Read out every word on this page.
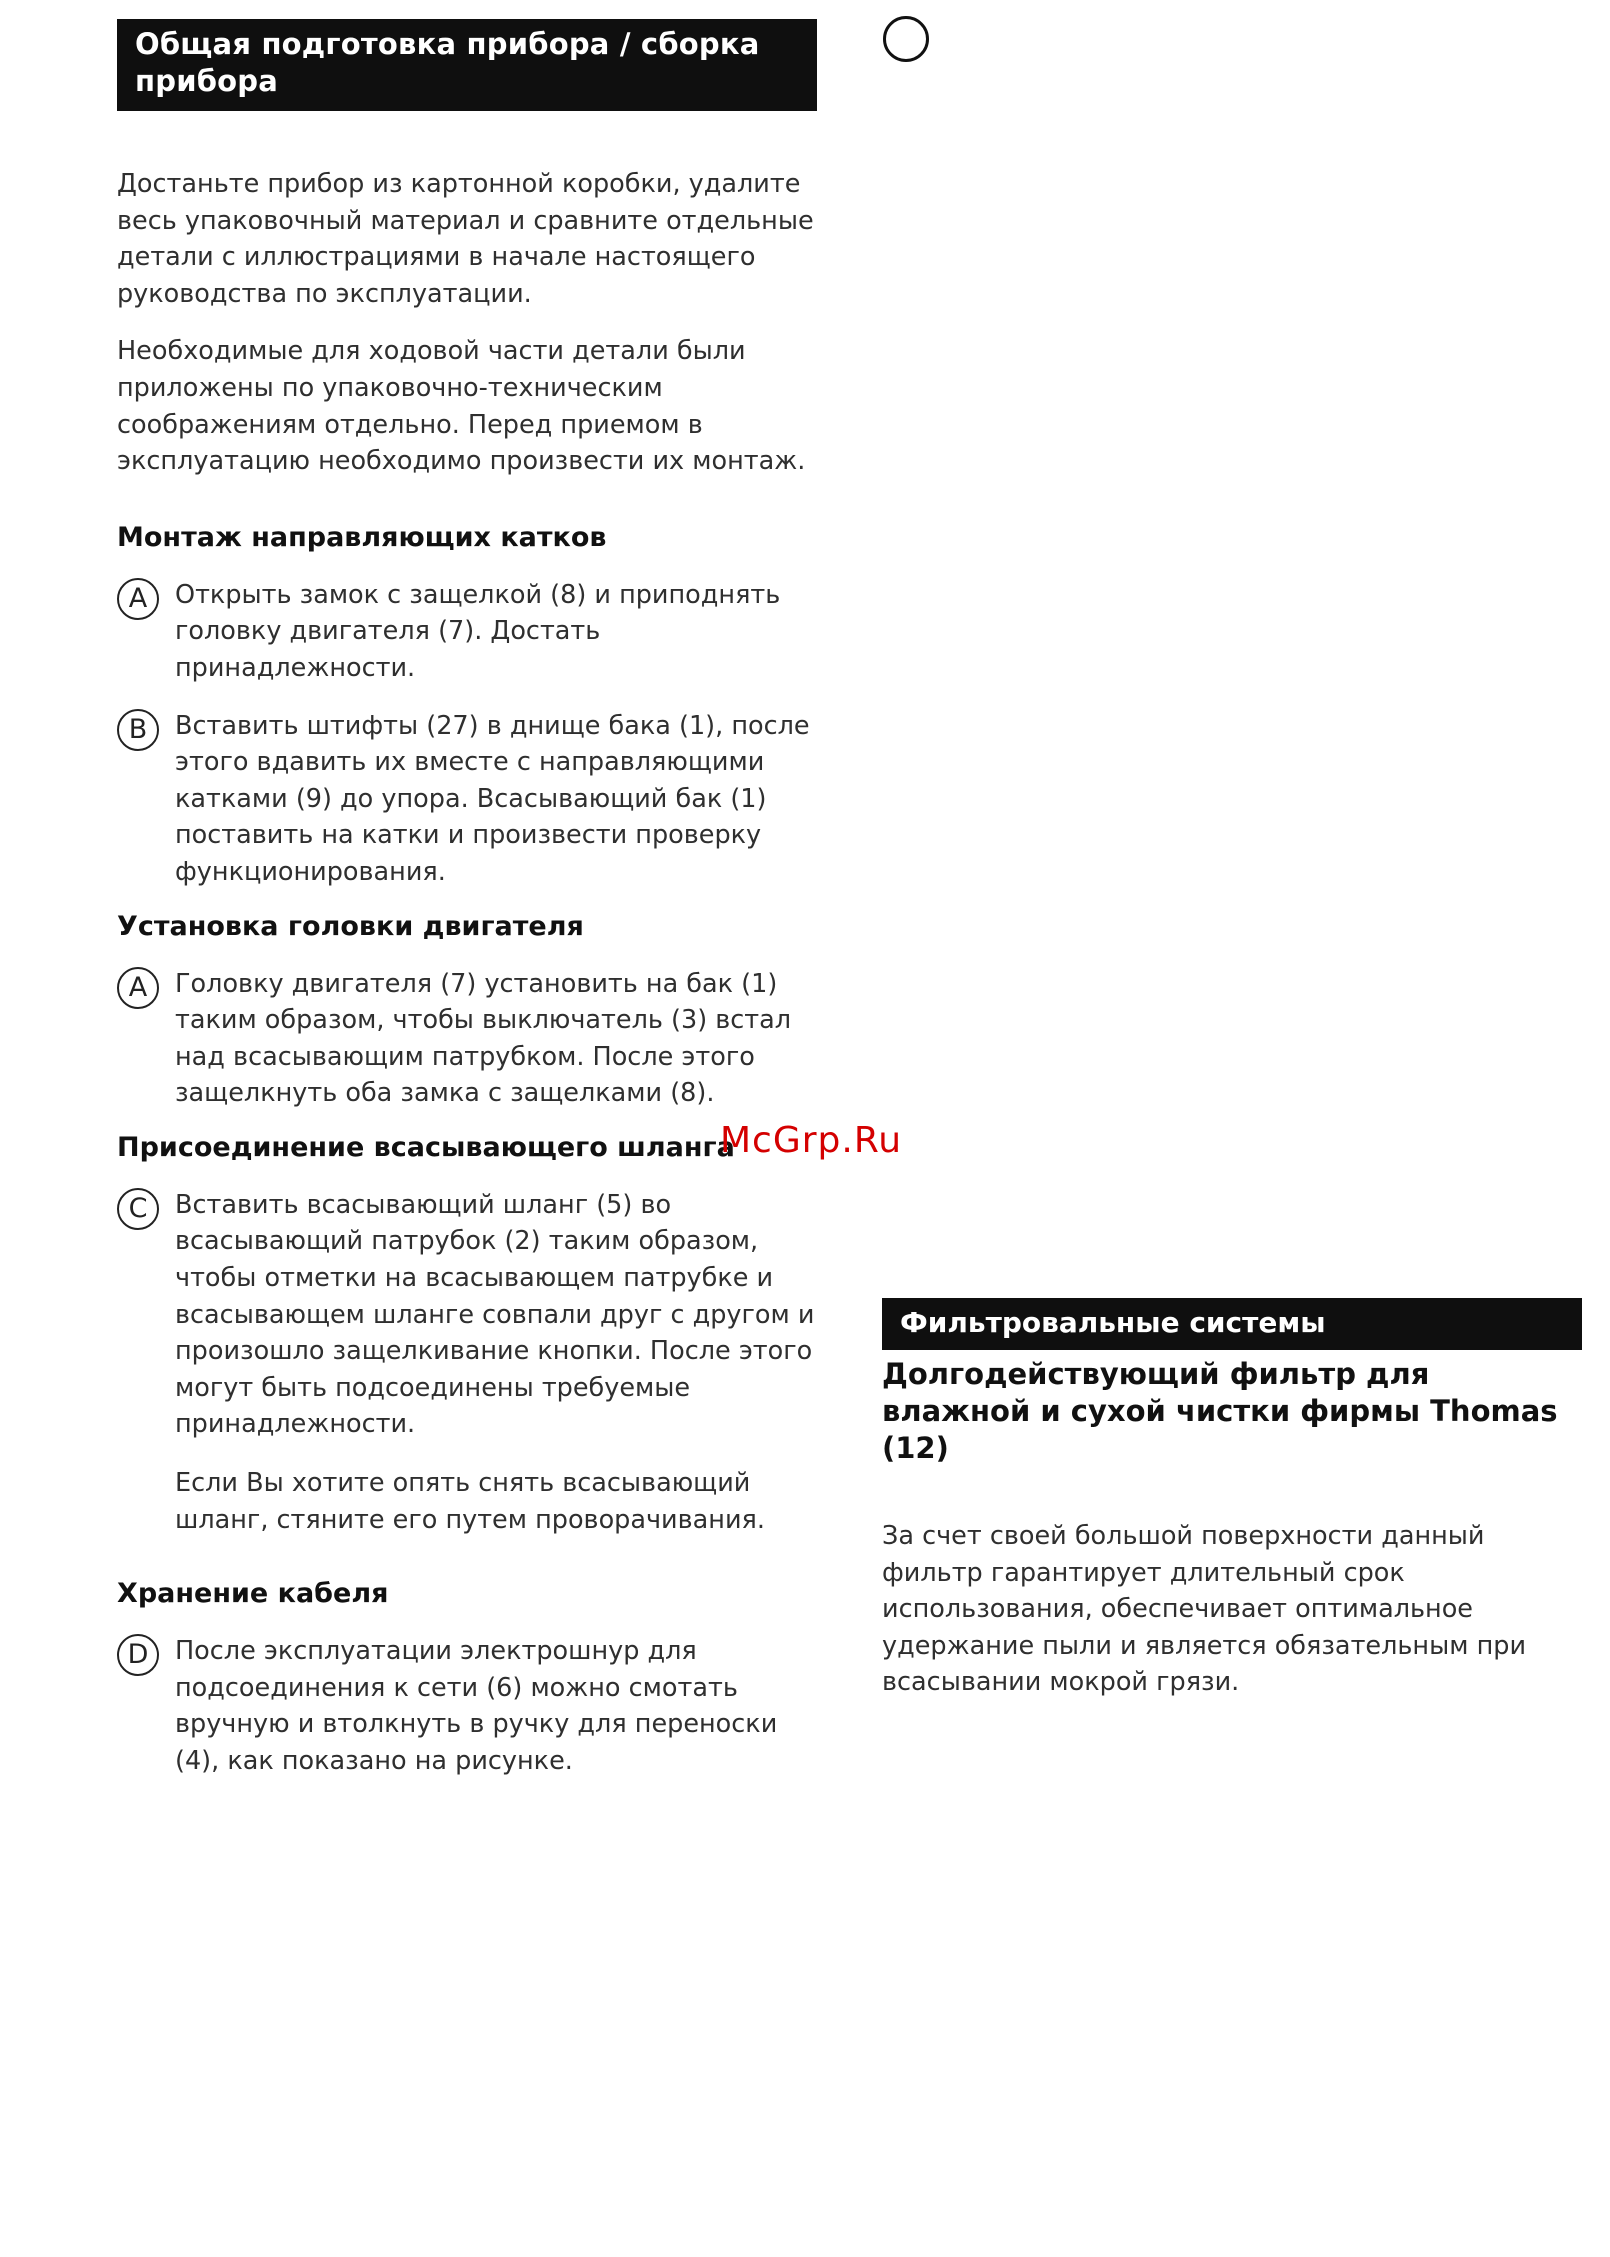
Общая подготовка прибора / сборка прибора

Достаньте прибор из картонной коробки, удалите весь упаковочный материал и сравните отдельные детали с иллюстрациями в начале настоящего руководства по эксплуатации.

Необходимые для ходовой части детали были приложены по упаковочно-техническим соображениям отдельно. Перед приемом в эксплуатацию необходимо произвести их монтаж.

Монтаж направляющих катков
A	Открыть замок с защелкой (8) и приподнять головку двигателя (7). Достать принадлежности.
B	Вставить штифты (27) в днище бака (1), после этого вдавить их вместе с направляющими катками (9) до упора. Всасывающий бак (1) поставить на катки и произвести проверку функционирования.
Установка головки двигателя
A	Головку двигателя (7) установить на бак (1) таким образом, чтобы выключатель (3) встал над всасывающим патрубком. После этого защелкнуть оба замка с защелками (8).
Присоединение всасывающего шланга
C	Вставить всасывающий шланг (5) во всасывающий патрубок (2) таким образом, чтобы отметки на всасывающем патрубке и всасывающем шланге совпали друг с другом и произошло защелкивание кнопки. После этого могут быть подсоединены требуемые принадлежности.
Если Вы хотите опять снять всасывающий шланг, стяните его путем проворачивания.
Хранение кабеля
D	После эксплуатации электрошнур для подсоединения к сети (6) можно смотать вручную и втолкнуть в ручку для переноски (4), как показано на рисунке.
Фильтровальные системы
Долгодействующий фильтр для влажной и сухой чистки фирмы Thomas (12)
За счет своей большой поверхности данный фильтр гарантирует длительный срок использования, обеспечивает оптимальное удержание пыли и является обязательным при всасывании мокрой грязи.
McGrp.Ru
